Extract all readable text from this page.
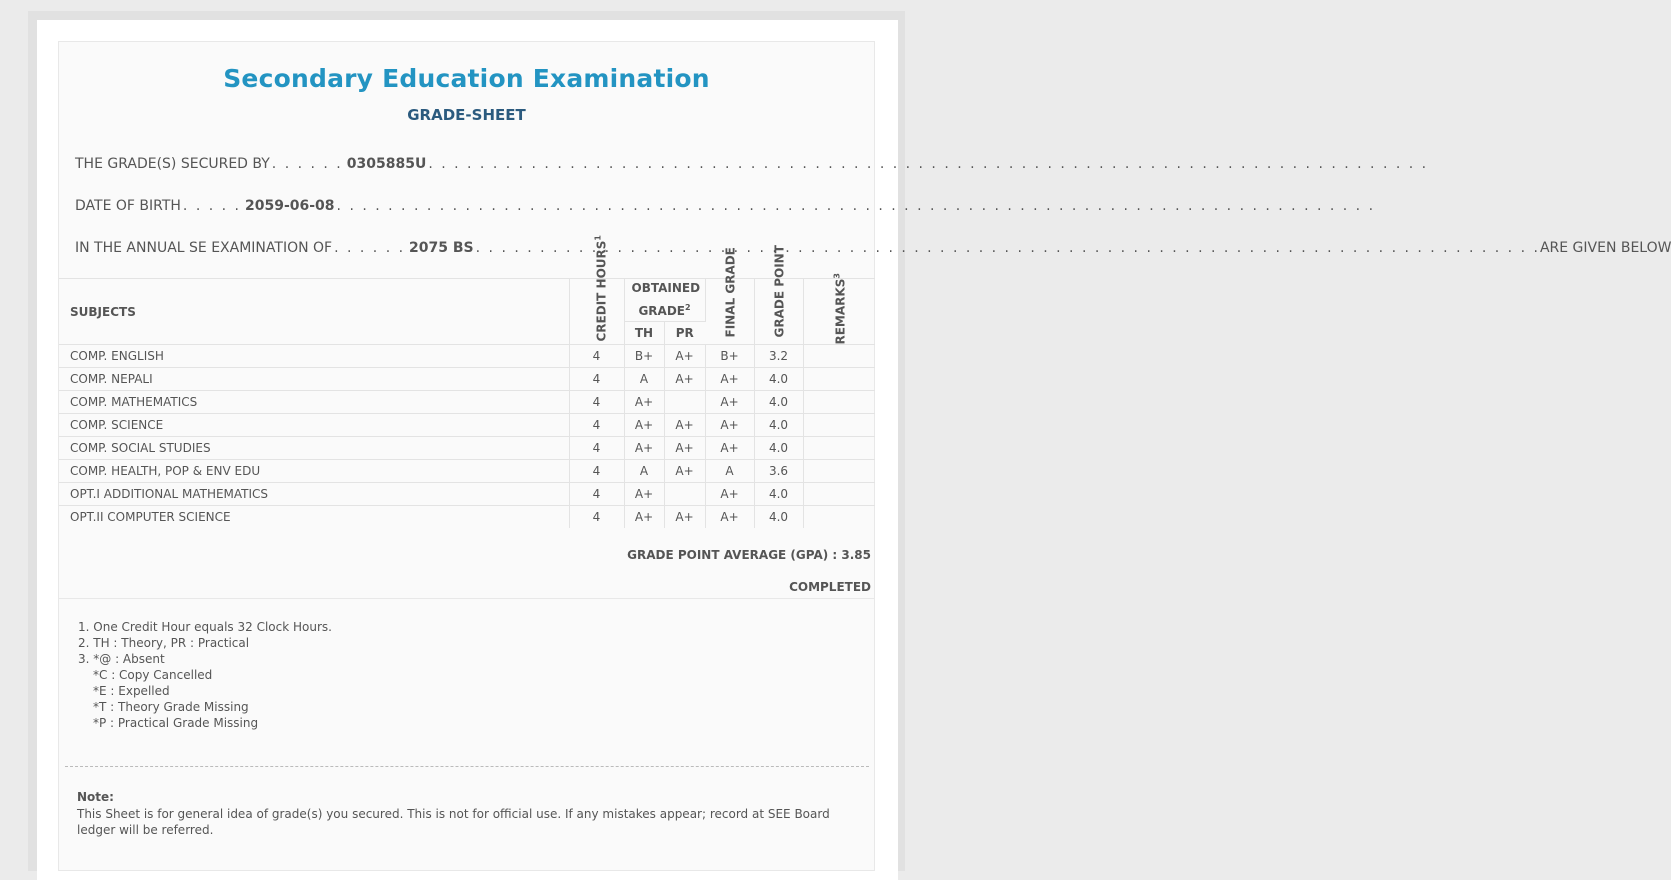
Secondary Education Examination
GRADE-SHEET
THE GRADE(S) SECURED BY . . . . . . 0305885U . . . . . . . . . . . . . . . . . . . . . . . . . . . . . . . . . . . . . . . . . . . . . . . . . . . . . . . . . . . . . . . . . . . . . . . . . . . . . .
DATE OF BIRTH . . . . . 2059-06-08 . . . . . . . . . . . . . . . . . . . . . . . . . . . . . . . . . . . . . . . . . . . . . . . . . . . . . . . . . . . . . . . . . . . . . . . . . . . . . . . . .
IN THE ANNUAL SE EXAMINATION OF . . . . . . 2075 BS . . . . . . . . . . . . . . . . . . . . . . . . . . . . . . . . . . . . . . . . . . . . . . . . . . . . . . . . . . . . . . . . . . . . . . . . . . . . . . . . . . . ARE GIVEN BELOW
SUBJECTS	CREDIT HOURS$^1$	OBTAINED GRADE$^2$		FINAL GRADE	GRADE POINT	REMARKS$^3$
		TH	PR			
COMP. ENGLISH	4	B+	A+	B+	3.2	
COMP. NEPALI	4	A	A+	A+	4.0	
COMP. MATHEMATICS	4	A+		A+	4.0	
COMP. SCIENCE	4	A+	A+	A+	4.0	
COMP. SOCIAL STUDIES	4	A+	A+	A+	4.0	
COMP. HEALTH, POP & ENV EDU	4	A	A+	A	3.6	
OPT.I ADDITIONAL MATHEMATICS	4	A+		A+	4.0	
OPT.II COMPUTER SCIENCE	4	A+	A+	A+	4.0	
GRADE POINT AVERAGE (GPA) : 3.85
COMPLETED
1. One Credit Hour equals 32 Clock Hours.
2. TH : Theory, PR : Practical
3. *@ : Absent
*C : Copy Cancelled
*E : Expelled
*T : Theory Grade Missing
*P : Practical Grade Missing
Note:
This Sheet is for general idea of grade(s) you secured. This is not for official use. If any mistakes appear; record at SEE Board ledger will be referred.
